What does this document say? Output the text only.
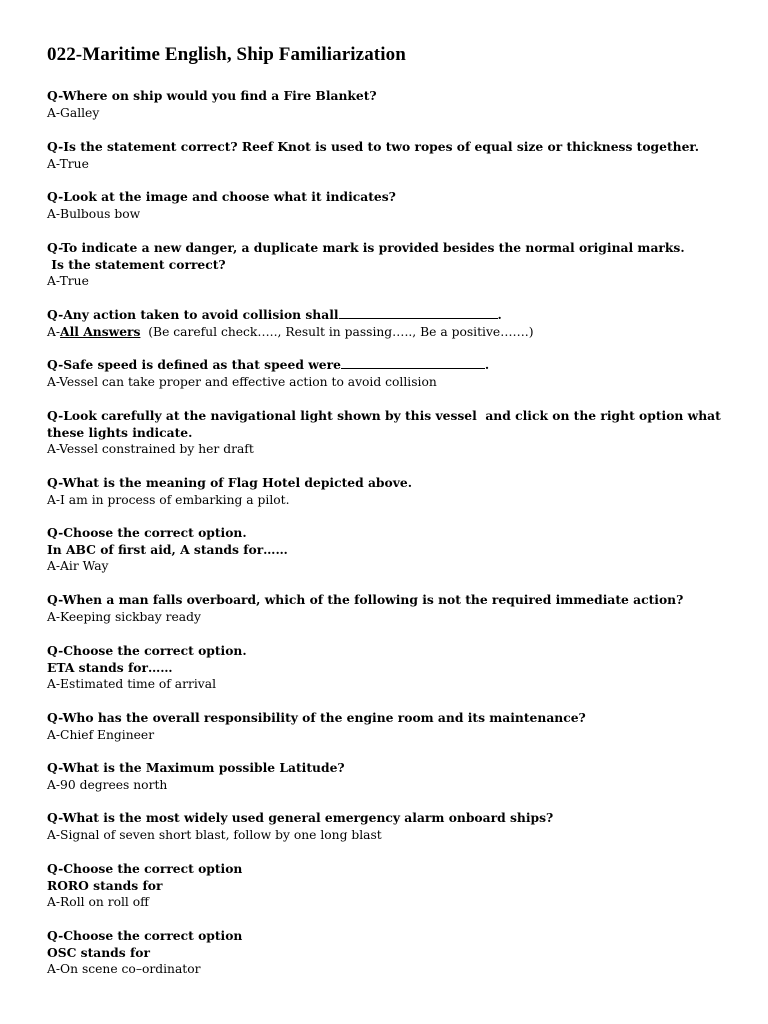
022-Maritime English, Ship Familiarization
Q-Where on ship would you find a Fire Blanket?
A-Galley
Q-Is the statement correct? Reef Knot is used to two ropes of equal size or thickness together.
A-True
Q-Look at the image and choose what it indicates?
A-Bulbous bow
Q-To indicate a new danger, a duplicate mark is provided besides the normal original marks.
Is the statement correct?
A-True
Q-Any action taken to avoid collision shall	.
A-All Answers  (Be careful check….., Result in passing….., Be a positive…….)
Q-Safe speed is defined as that speed were	.
A-Vessel can take proper and effective action to avoid collision
Q-Look carefully at the navigational light shown by this vessel  and click on the right option what
these lights indicate.
A-Vessel constrained by her draft
Q-What is the meaning of Flag Hotel depicted above.
A-I am in process of embarking a pilot.
Q-Choose the correct option.
In ABC of first aid, A stands for……
A-Air Way
Q-When a man falls overboard, which of the following is not the required immediate action?
A-Keeping sickbay ready
Q-Choose the correct option.
ETA stands for……
A-Estimated time of arrival
Q-Who has the overall responsibility of the engine room and its maintenance?
A-Chief Engineer
Q-What is the Maximum possible Latitude?
A-90 degrees north
Q-What is the most widely used general emergency alarm onboard ships?
A-Signal of seven short blast, follow by one long blast
Q-Choose the correct option
RORO stands for
A-Roll on roll off
Q-Choose the correct option
OSC stands for
A-On scene co–ordinator
